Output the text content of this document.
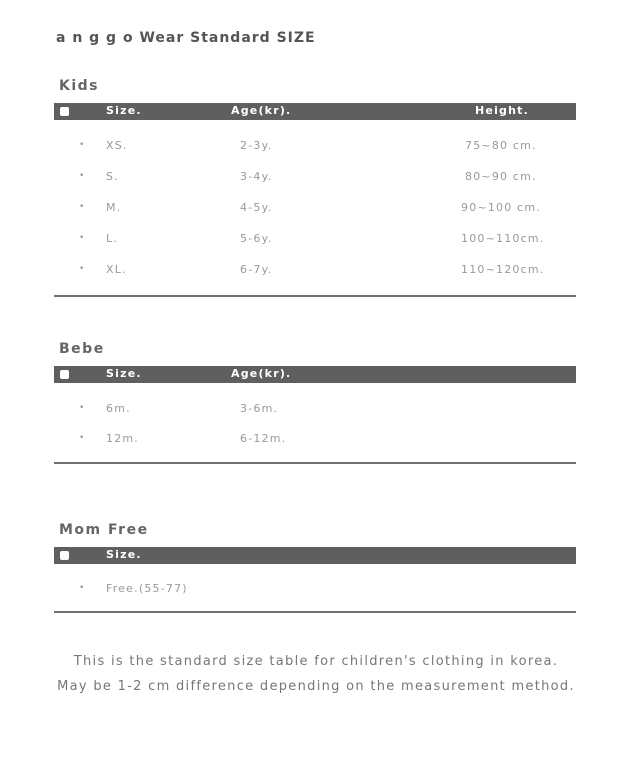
a n g g o Wear Standard SIZE
Kids
Size.	Age(kr).	Height.
• XS.	2-3y.	75~80 cm.
• S.	3-4y.	80~90 cm.
• M.	4-5y.	90~100 cm.
• L.	5-6y.	100~110cm.
• XL.	6-7y.	110~120cm.
Bebe
Size.	Age(kr).
• 6m.	3-6m.
• 12m.	6-12m.
Mom Free
Size.
• Free.(55-77)
This is the standard size table for children's clothing in korea.
May be 1-2 cm difference depending on the measurement method.
